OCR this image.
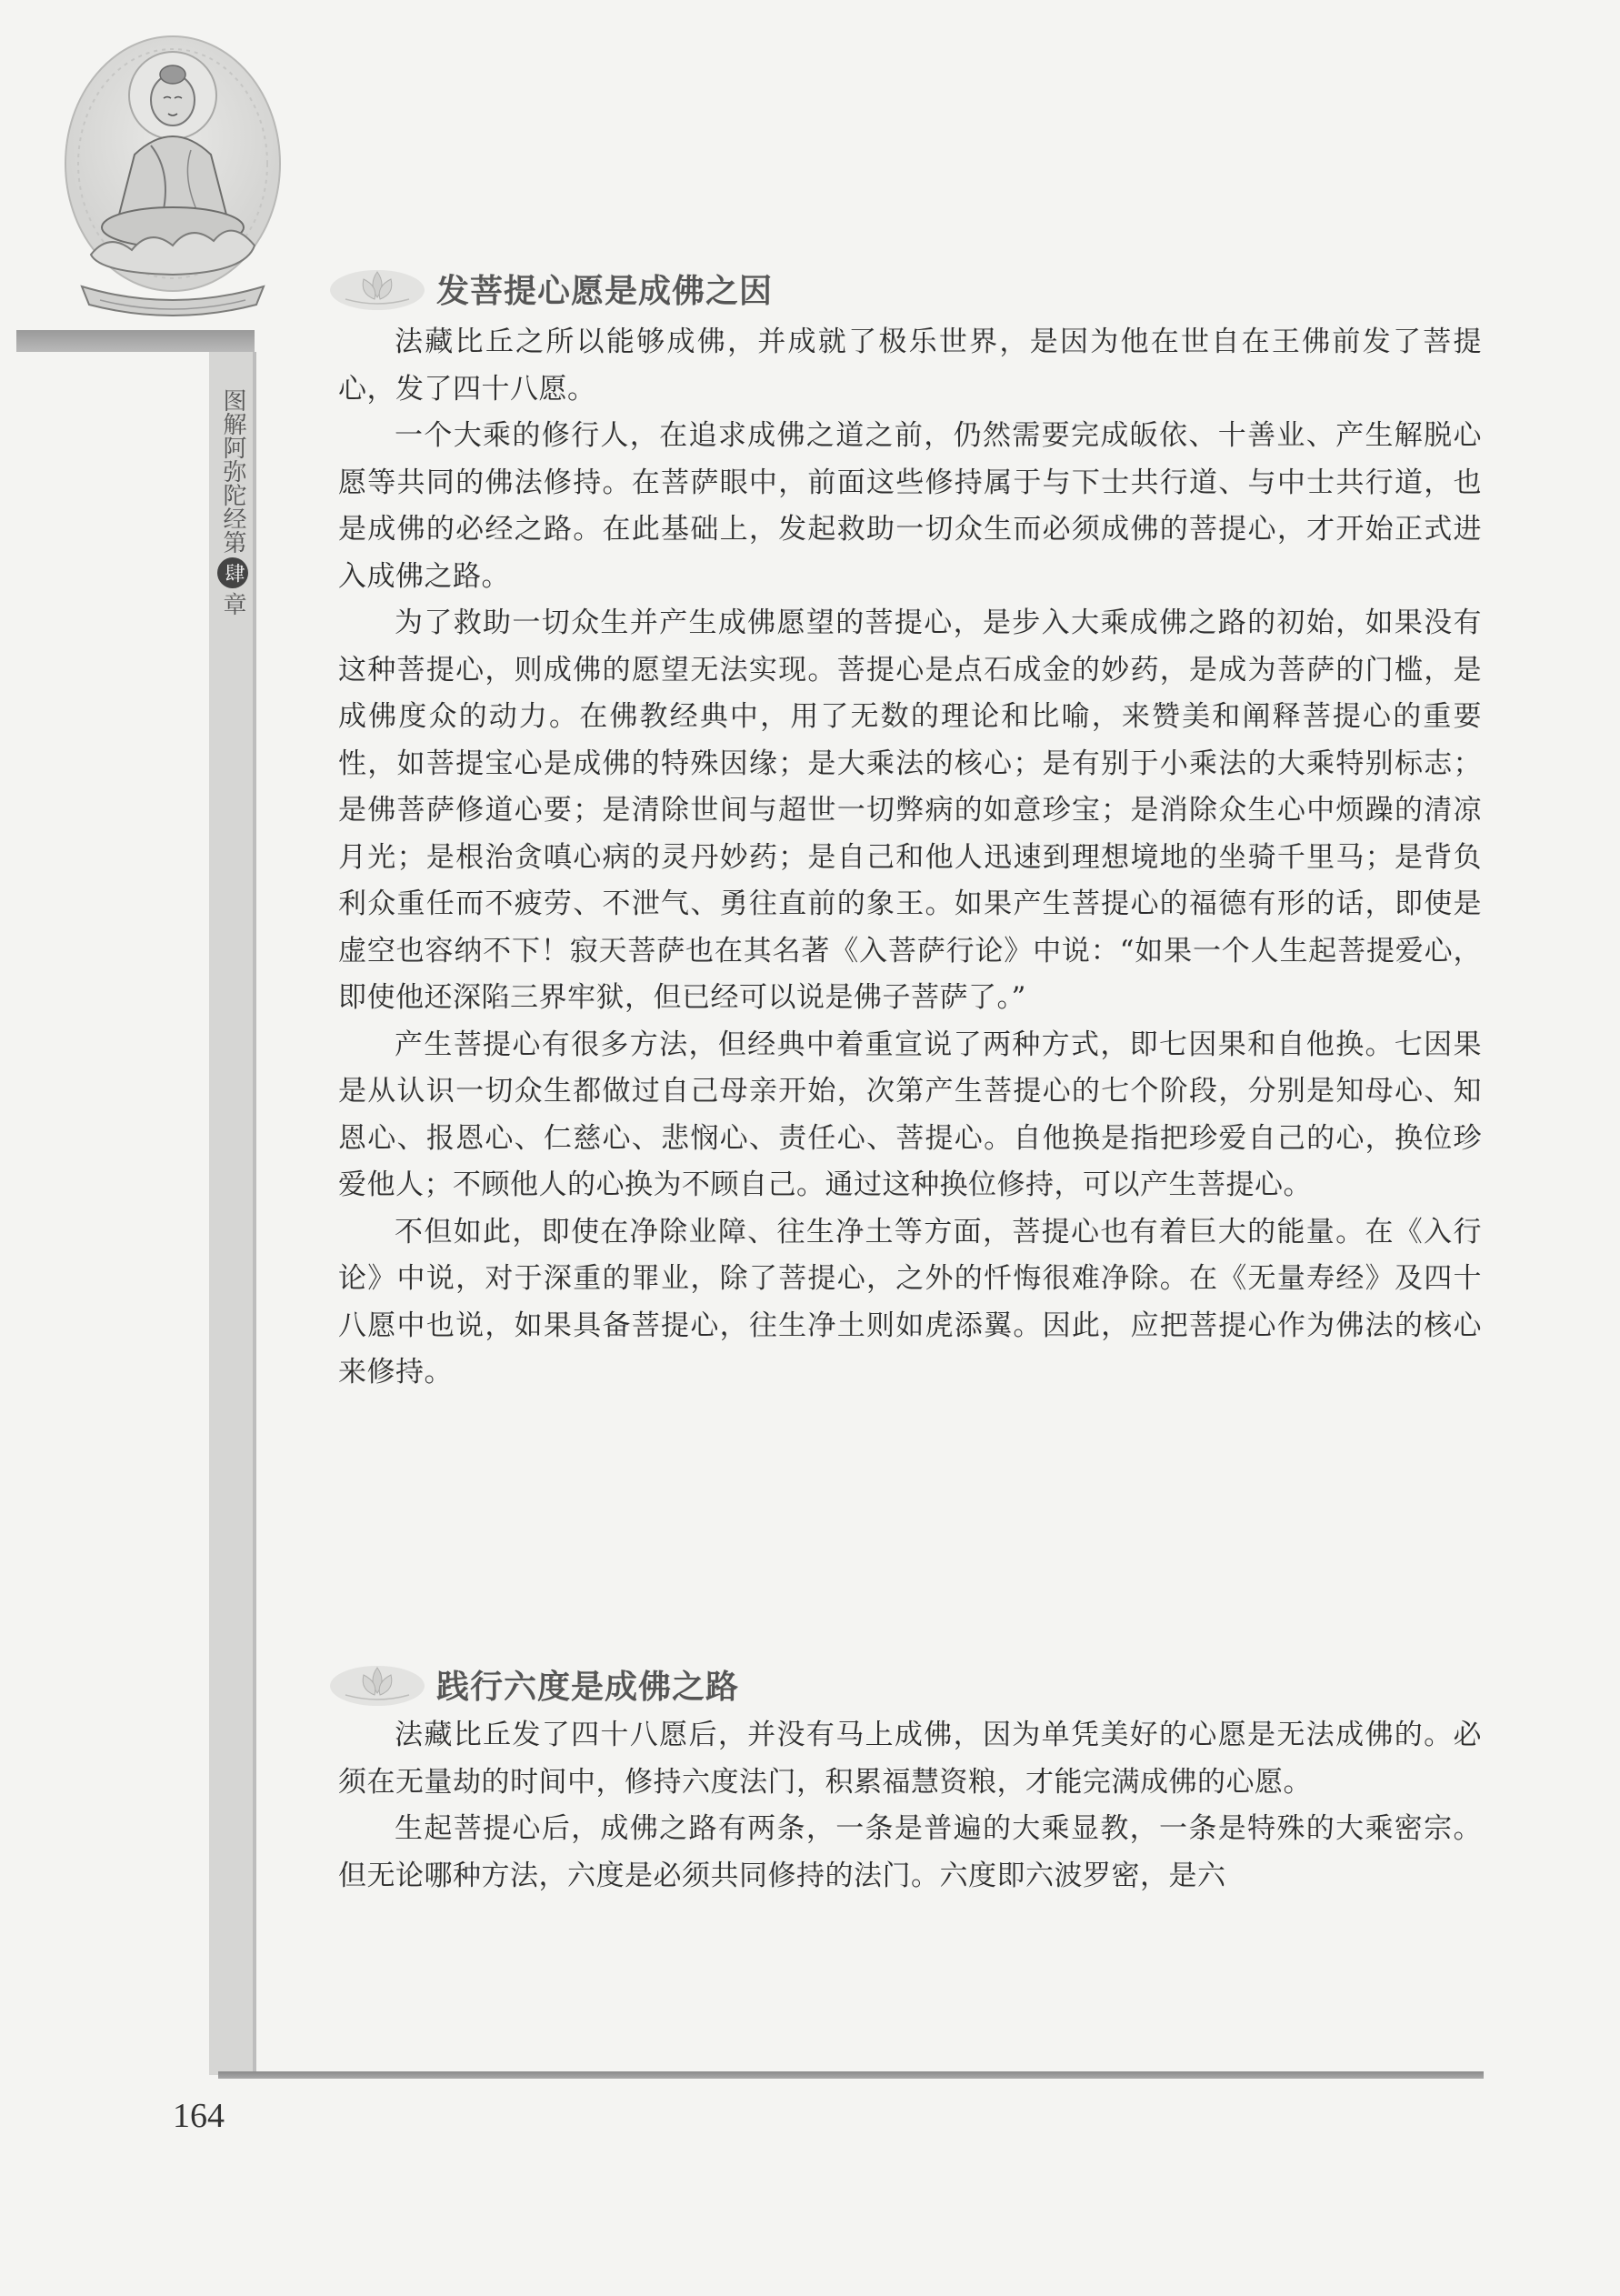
图解阿弥陀经第肆章
发菩提心愿是成佛之因

法藏比丘之所以能够成佛，并成就了极乐世界，是因为他在世自在王佛前发了菩提心，发了四十八愿。

一个大乘的修行人，在追求成佛之道之前，仍然需要完成皈依、十善业、产生解脱心愿等共同的佛法修持。在菩萨眼中，前面这些修持属于与下士共行道、与中士共行道，也是成佛的必经之路。在此基础上，发起救助一切众生而必须成佛的菩提心，才开始正式进入成佛之路。

为了救助一切众生并产生成佛愿望的菩提心，是步入大乘成佛之路的初始，如果没有这种菩提心，则成佛的愿望无法实现。菩提心是点石成金的妙药，是成为菩萨的门槛，是成佛度众的动力。在佛教经典中，用了无数的理论和比喻，来赞美和阐释菩提心的重要性，如菩提宝心是成佛的特殊因缘；是大乘法的核心；是有别于小乘法的大乘特别标志；是佛菩萨修道心要；是清除世间与超世一切弊病的如意珍宝；是消除众生心中烦躁的清凉月光；是根治贪嗔心病的灵丹妙药；是自己和他人迅速到理想境地的坐骑千里马；是背负利众重任而不疲劳、不泄气、勇往直前的象王。如果产生菩提心的福德有形的话，即使是虚空也容纳不下！寂天菩萨也在其名著《入菩萨行论》中说：“如果一个人生起菩提爱心，即使他还深陷三界牢狱，但已经可以说是佛子菩萨了。”

产生菩提心有很多方法，但经典中着重宣说了两种方式，即七因果和自他换。七因果是从认识一切众生都做过自己母亲开始，次第产生菩提心的七个阶段，分别是知母心、知恩心、报恩心、仁慈心、悲悯心、责任心、菩提心。自他换是指把珍爱自己的心，换位珍爱他人；不顾他人的心换为不顾自己。通过这种换位修持，可以产生菩提心。

不但如此，即使在净除业障、往生净土等方面，菩提心也有着巨大的能量。在《入行论》中说，对于深重的罪业，除了菩提心，之外的忏悔很难净除。在《无量寿经》及四十八愿中也说，如果具备菩提心，往生净土则如虎添翼。因此，应把菩提心作为佛法的核心来修持。

践行六度是成佛之路

法藏比丘发了四十八愿后，并没有马上成佛，因为单凭美好的心愿是无法成佛的。必须在无量劫的时间中，修持六度法门，积累福慧资粮，才能完满成佛的心愿。

生起菩提心后，成佛之路有两条，一条是普遍的大乘显教，一条是特殊的大乘密宗。但无论哪种方法，六度是必须共同修持的法门。六度即六波罗密，是六

164
